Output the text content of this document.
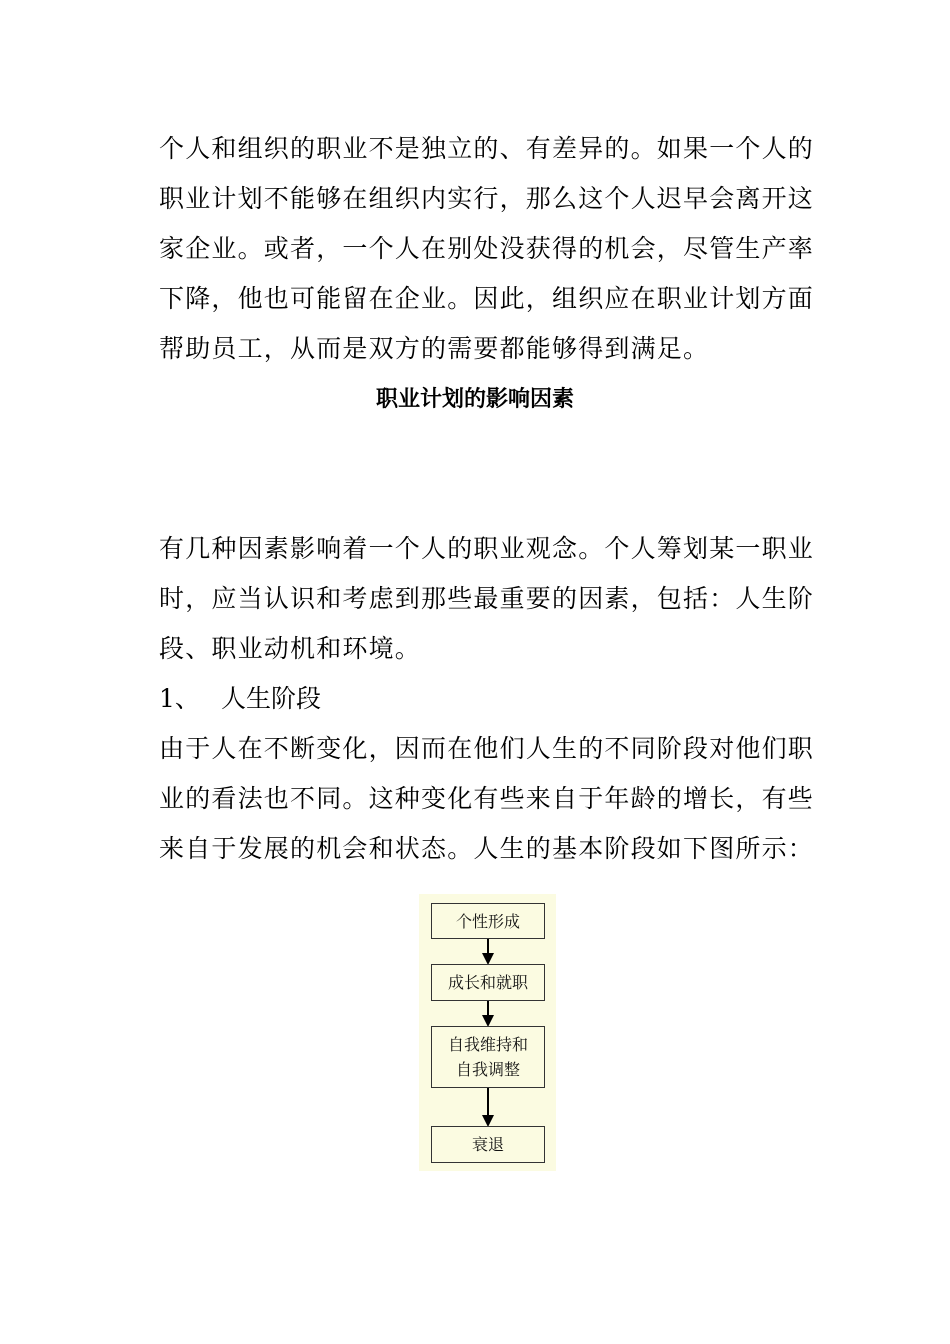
个人和组织的职业不是独立的、有差异的。如果一个人的
职业计划不能够在组织内实行，那么这个人迟早会离开这
家企业。或者，一个人在别处没获得的机会，尽管生产率
下降，他也可能留在企业。因此，组织应在职业计划方面
帮助员工，从而是双方的需要都能够得到满足。

职业计划的影响因素

有几种因素影响着一个人的职业观念。个人筹划某一职业
时，应当认识和考虑到那些最重要的因素，包括：人生阶
段、职业动机和环境。

1、 人生阶段

由于人在不断变化，因而在他们人生的不同阶段对他们职
业的看法也不同。这种变化有些来自于年龄的增长，有些
来自于发展的机会和状态。人生的基本阶段如下图所示：

个性形成
成长和就职
自我维持和
自我调整
衰退
